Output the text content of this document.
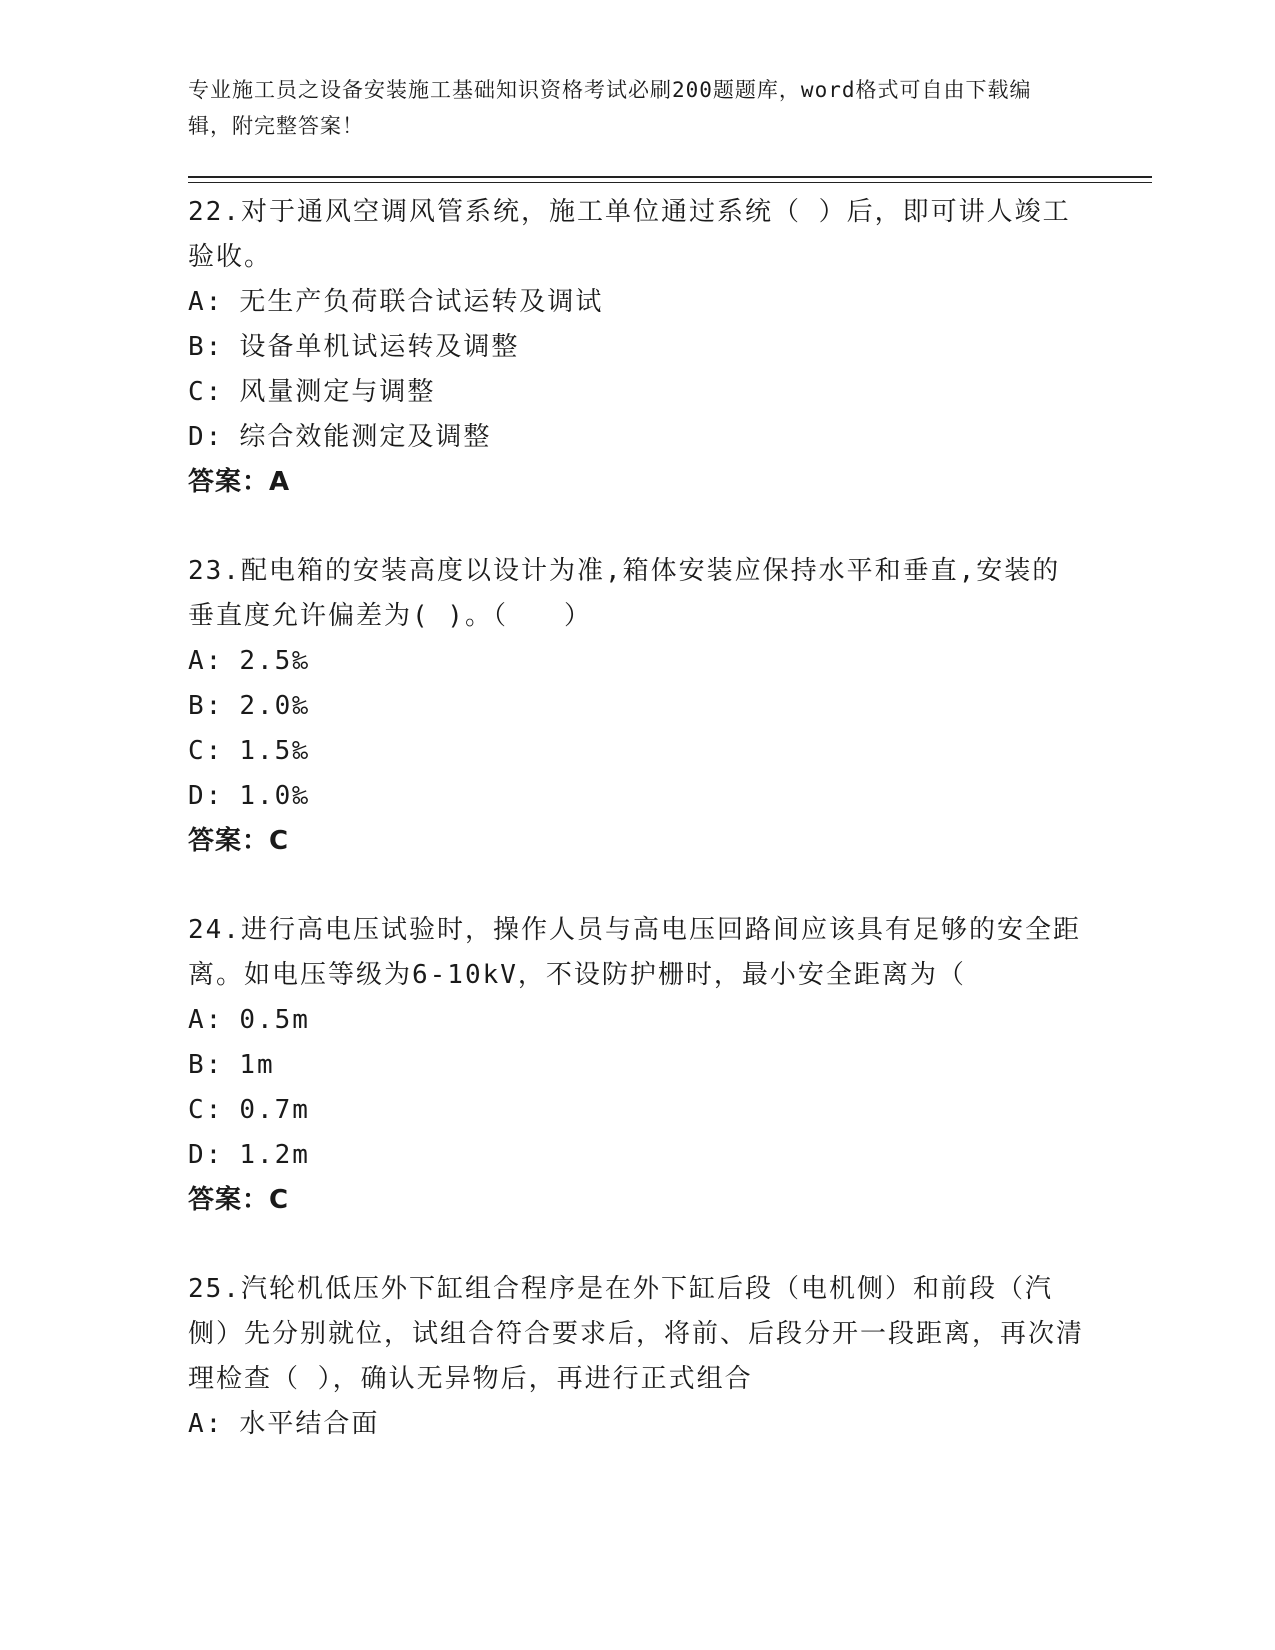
专业施工员之设备安装施工基础知识资格考试必刷200题题库，word格式可自由下载编辑，附完整答案！
22.对于通风空调风管系统，施工单位通过系统（ ）后，即可讲人竣工验收。
A: 无生产负荷联合试运转及调试
B: 设备单机试运转及调整
C: 风量测定与调整
D: 综合效能测定及调整
答案：A
23.配电箱的安装高度以设计为准,箱体安装应保持水平和垂直,安装的垂直度允许偏差为( )。（　　）
A: 2.5‰
B: 2.0‰
C: 1.5‰
D: 1.0‰
答案：C
24.进行高电压试验时，操作人员与高电压回路间应该具有足够的安全距离。如电压等级为6-10kV，不设防护栅时，最小安全距离为（
A: 0.5m
B: 1m
C: 0.7m
D: 1.2m
答案：C
25.汽轮机低压外下缸组合程序是在外下缸后段（电机侧）和前段（汽侧）先分别就位，试组合符合要求后，将前、后段分开一段距离，再次清理检查（ ），确认无异物后，再进行正式组合
A: 水平结合面
